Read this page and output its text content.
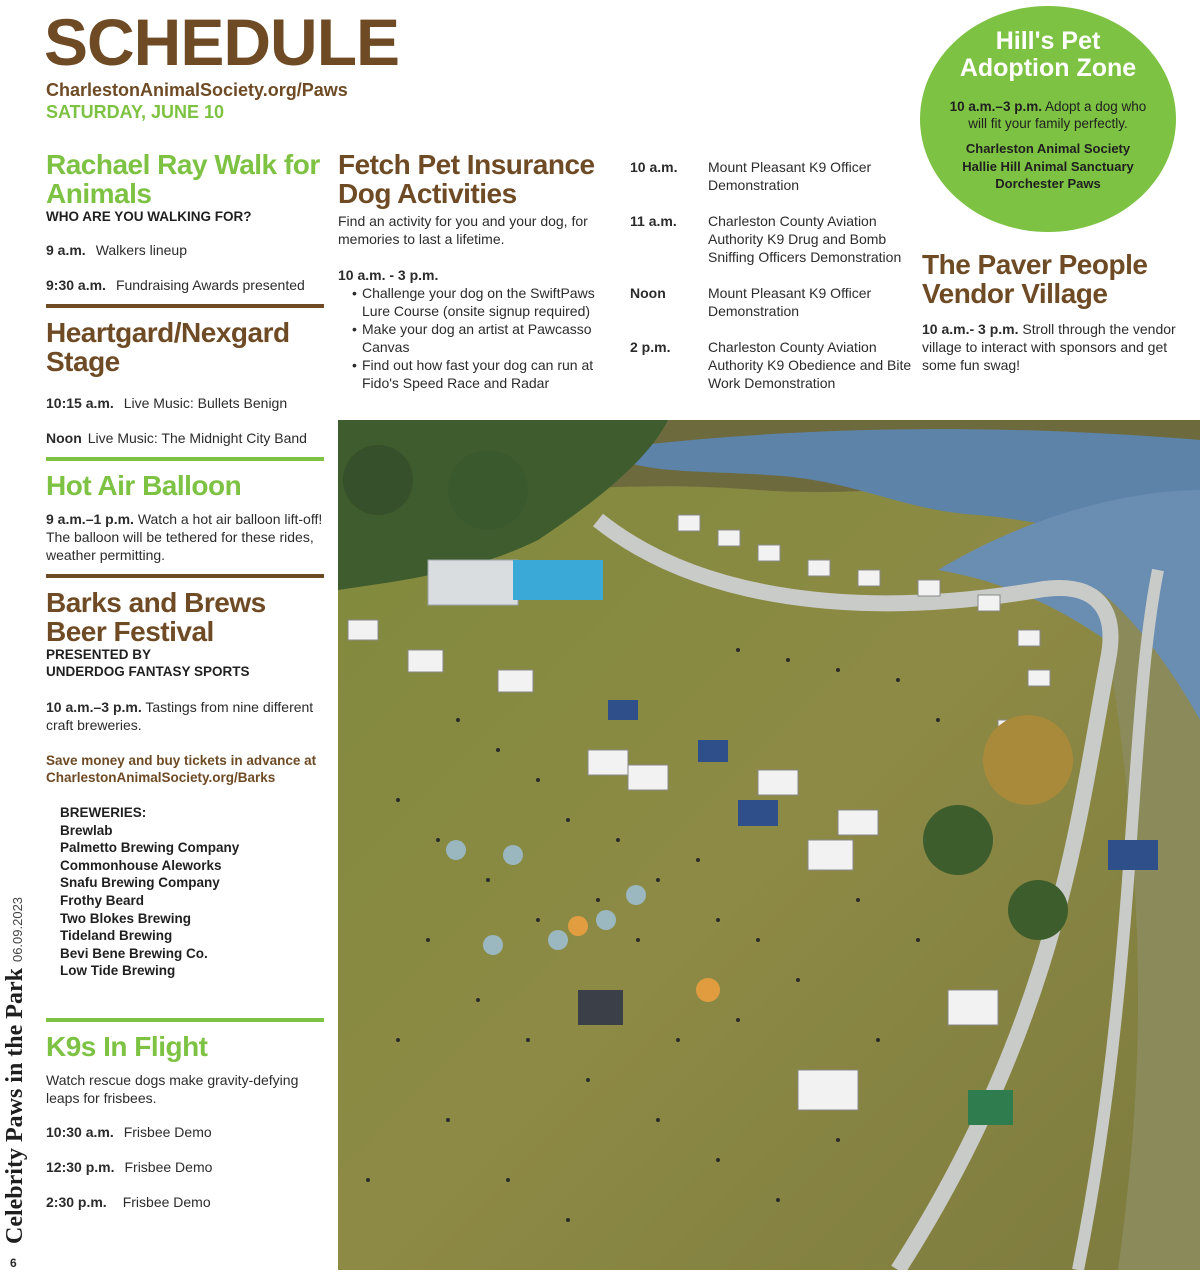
SCHEDULE
CharlestonAnimalSociety.org/Paws
SATURDAY, JUNE 10
Rachael Ray Walk for Animals
WHO ARE YOU WALKING FOR?
9 a.m. Walkers lineup
9:30 a.m. Fundraising Awards presented
Heartgard/Nexgard Stage
10:15 a.m. Live Music: Bullets Benign
Noon Live Music: The Midnight City Band
Hot Air Balloon
9 a.m.–1 p.m. Watch a hot air balloon lift-off! The balloon will be tethered for these rides, weather permitting.
Barks and Brews Beer Festival
PRESENTED BY
UNDERDOG FANTASY SPORTS
10 a.m.–3 p.m. Tastings from nine different craft breweries.
Save money and buy tickets in advance at
CharlestonAnimalSociety.org/Barks
BREWERIES:
Brewlab
Palmetto Brewing Company
Commonhouse Aleworks
Snafu Brewing Company
Frothy Beard
Two Blokes Brewing
Tideland Brewing
Bevi Bene Brewing Co.
Low Tide Brewing
K9s In Flight
Watch rescue dogs make gravity-defying leaps for frisbees.
10:30 a.m. Frisbee Demo
12:30 p.m. Frisbee Demo
2:30 p.m. Frisbee Demo
Fetch Pet Insurance Dog Activities
Find an activity for you and your dog, for memories to last a lifetime.
10 a.m. - 3 p.m.
• Challenge your dog on the SwiftPaws Lure Course (onsite signup required)
• Make your dog an artist at Pawcasso Canvas
• Find out how fast your dog can run at Fido's Speed Race and Radar
10 a.m.	Mount Pleasant K9 Officer Demonstration
11 a.m.	Charleston County Aviation Authority K9 Drug and Bomb Sniffing Officers Demonstration
Noon	Mount Pleasant K9 Officer Demonstration
2 p.m.	Charleston County Aviation Authority K9 Obedience and Bite Work Demonstration
Hill's Pet
Adoption Zone
10 a.m.–3 p.m. Adopt a dog who will fit your family perfectly.
Charleston Animal Society
Hallie Hill Animal Sanctuary
Dorchester Paws
The Paver People Vendor Village
10 a.m.- 3 p.m. Stroll through the vendor village to interact with sponsors and get some fun swag!
Celebrity Paws in the Park06.09.2023
6
